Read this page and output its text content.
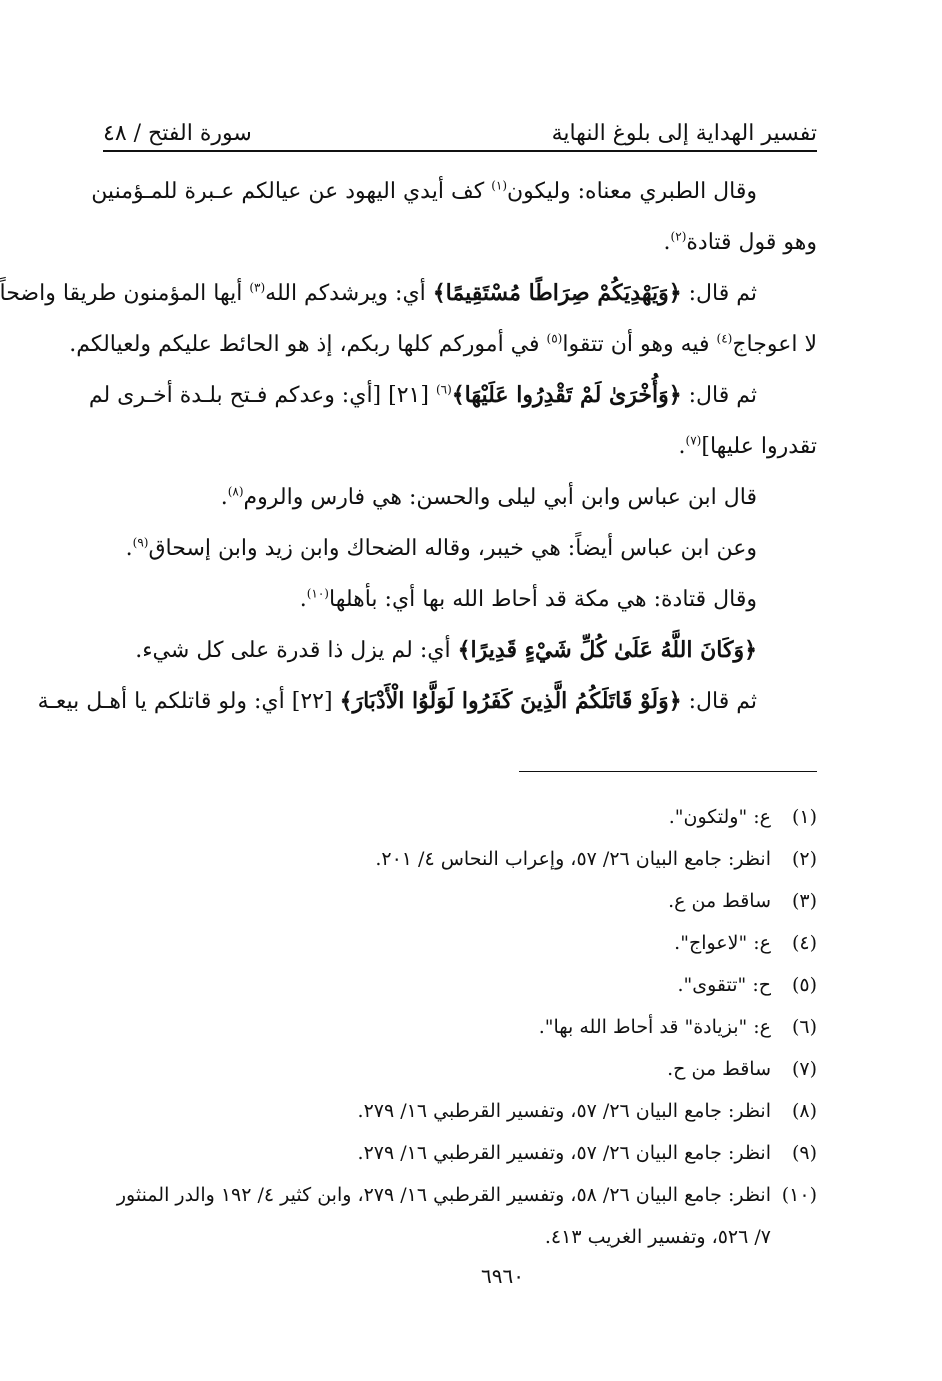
تفسير الهداية إلى بلوغ النهاية
سورة الفتح / ٤٨
وقال الطبري معناه: وليكون$^{(١)}$ كف أيدي اليهود عن عيالكم عـبرة للمـؤمنين
وهو قول قتادة$^{(٢)}$.
ثم قال: ﴿وَيَهْدِيَكُمْ صِرَاطًا مُسْتَقِيمًا﴾ أي: ويرشدكم الله$^{(٣)}$ أيها المؤمنون طريقا واضحاً
لا اعوجاج$^{(٤)}$ فيه وهو أن تتقوا$^{(٥)}$ في أموركم كلها ربكم، إذ هو الحائط عليكم ولعيالكم.
ثم قال: ﴿وَأُخْرَىٰ لَمْ تَقْدِرُوا عَلَيْهَا﴾$^{(٦)}$ [٢١] [أي: وعدكم فـتح بلـدة أخـرى لم
تقدروا عليها]$^{(٧)}$.
قال ابن عباس وابن أبي ليلى والحسن: هي فارس والروم$^{(٨)}$.
وعن ابن عباس أيضاً: هي خيبر، وقاله الضحاك وابن زيد وابن إسحاق$^{(٩)}$.
وقال قتادة: هي مكة قد أحاط الله بها أي: بأهلها$^{(١٠)}$.
﴿وَكَانَ اللَّهُ عَلَىٰ كُلِّ شَيْءٍ قَدِيرًا﴾ أي: لم يزل ذا قدرة على كل شيء.
ثم قال: ﴿وَلَوْ قَاتَلَكُمُ الَّذِينَ كَفَرُوا لَوَلَّوُا الْأَدْبَارَ﴾ [٢٢] أي: ولو قاتلكم يا أهـل بيعـة
(١)ع: "ولتكون".
(٢)انظر: جامع البيان ٢٦/ ٥٧، وإعراب النحاس ٤/ ٢٠١.
(٣)ساقط من ع.
(٤)ع: "لاعواج".
(٥)ح: "تتقوى".
(٦)ع: "بزيادة" قد أحاط الله بها".
(٧)ساقط من ح.
(٨)انظر: جامع البيان ٢٦/ ٥٧، وتفسير القرطبي ١٦/ ٢٧٩.
(٩)انظر: جامع البيان ٢٦/ ٥٧، وتفسير القرطبي ١٦/ ٢٧٩.
(١٠)انظر: جامع البيان ٢٦/ ٥٨، وتفسير القرطبي ١٦/ ٢٧٩، وابن كثير ٤/ ١٩٢ والدر المنثور
٧/ ٥٢٦، وتفسير الغريب ٤١٣.
٦٩٦٠
